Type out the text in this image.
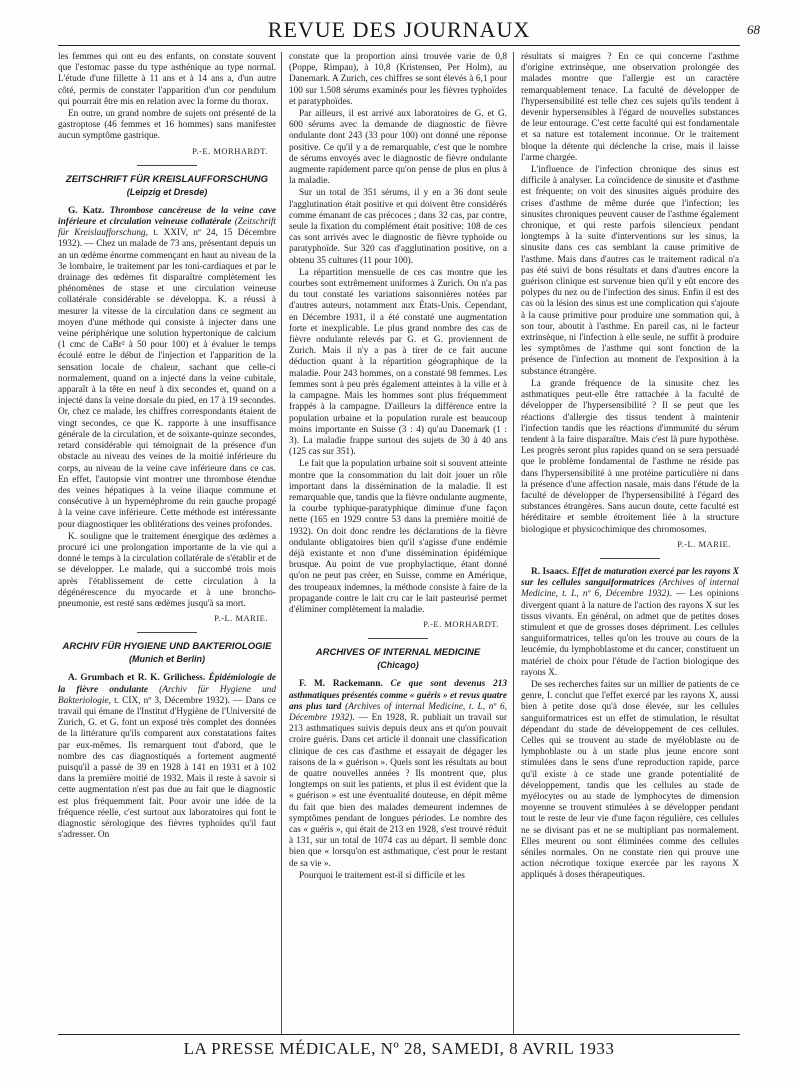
REVUE DES JOURNAUX	68

les femmes qui ont eu des enfants, on constate souvent que l'estomac passe du type asthénique au type normal. L'étude d'une fillette à 11 ans et à 14 ans a, d'un autre côté, permis de constater l'apparition d'un cor pendulum qui pourrait être mis en relation avec la forme du thorax.

En outre, un grand nombre de sujets ont présenté de la gastroptose (46 femmes et 16 hommes) sans manifester aucun symptôme gastrique.

P.-E. MORHARDT.
ZEITSCHRIFT FÜR KREISLAUFFORSCHUNG
(Leipzig et Dresde)

G. Katz. Thrombose cancéreuse de la veine cave inférieure et circulation veineuse collatérale (Zeitschrift für Kreislaufforschung, t. XXIV, nº 24, 15 Décembre 1932). — Chez un malade de 73 ans, présentant depuis un an un œdème énorme commençant en haut au niveau de la 3e lombaire, le traitement par les toni-cardiaques et par le drainage des œdèmes fit disparaître complètement les phénomènes de stase et une circulation veineuse collatérale considérable se développa. K. a réussi à mesurer la vitesse de la circulation dans ce segment au moyen d'une méthode qui consiste à injecter dans une veine périphérique une solution hypertonique de calcium (1 cmc de CaBr² à 50 pour 100) et à évaluer le temps écoulé entre le début de l'injection et l'apparition de la sensation locale de chaleur, sachant que celle-ci normalement, quand on a injecté dans la veine cubitale, apparaît à la tête en neuf à dix secondes et, quand on a injecté dans la veine dorsale du pied, en 17 à 19 secondes. Or, chez ce malade, les chiffres correspondants étaient de vingt secondes, ce que K. rapporte à une insuffisance générale de la circulation, et de soixante-quinze secondes, retard considérable qui témoignait de la présence d'un obstacle au niveau des veines de la moitié inférieure du corps, au niveau de la veine cave inférieure dans ce cas. En effet, l'autopsie vint montrer une thrombose étendue des veines hépatiques à la veine iliaque commune et consécutive à un hypernéphrome du rein gauche propagé à la veine cave inférieure. Cette méthode est intéressante pour diagnostiquer les oblitérations des veines profondes.

K. souligne que le traitement énergique des œdèmes a procuré ici une prolongation importante de la vie qui a donné le temps à la circulation collatérale de s'établir et de se développer. Le malade, qui a succombé trois mois après l'établissement de cette circulation à la dégénérescence du myocarde et à une broncho-pneumonie, est resté sans œdèmes jusqu'à sa mort.

P.-L. MARIE.
ARCHIV FÜR HYGIENE UND BAKTERIOLOGIE
(Munich et Berlin)

A. Grumbach et R. K. Grilichess. Épidémiologie de la fièvre ondulante (Archiv für Hygiene und Bakteriologie, t. CIX, nº 3, Décembre 1932). — Dans ce travail qui émane de l'Institut d'Hygiène de l'Université de Zurich, G. et G. font un exposé très complet des données de la littérature qu'ils comparent aux constatations faites par eux-mêmes. Ils remarquent tout d'abord, que le nombre des cas diagnostiqués a fortement augmenté puisqu'il a passé de 39 en 1928 à 141 en 1931 et à 102 dans la première moitié de 1932. Mais il reste à savoir si cette augmentation n'est pas due au fait que le diagnostic est plus fréquemment fait. Pour avoir une idée de la fréquence réelle, c'est surtout aux laboratoires qui font le diagnostic sérologique des fièvres typhoïdes qu'il faut s'adresser. On

constate que la proportion ainsi trouvée varie de 0,8 (Poppe, Rimpau), à 10,8 (Kristensen, Per Holm), au Danemark. A Zurich, ces chiffres se sont élevés à 6,1 pour 100 sur 1.508 sérums examinés pour les fièvres typhoïdes et paratyphoïdes.

Par ailleurs, il est arrivé aux laboratoires de G. et G. 600 sérums avec la demande de diagnostic de fièvre ondulante dont 243 (33 pour 100) ont donné une réponse positive. Ce qu'il y a de remarquable, c'est que le nombre de sérums envoyés avec le diagnostic de fièvre ondulante augmente rapidement parce qu'on pense de plus en plus à la maladie.

Sur un total de 351 sérums, il y en a 36 dont seule l'agglutination était positive et qui doivent être considérés comme émanant de cas précoces ; dans 32 cas, par contre, seule la fixation du complément était positive: 108 de ces cas sont arrivés avec le diagnostic de fièvre typhoïde ou paratyphoïde. Sur 320 cas d'agglutination positive, on a obtenu 35 cultures (11 pour 100).

La répartition mensuelle de ces cas montre que les courbes sont extrêmement uniformes à Zurich. On n'a pas du tout constaté les variations saisonnières notées par d'autres auteurs, notamment aux États-Unis. Cependant, en Décembre 1931, il a été constaté une augmentation forte et inexplicable. Le plus grand nombre des cas de fièvre ondulante relevés par G. et G. proviennent de Zurich. Mais il n'y a pas à tirer de ce fait aucune déduction quant à la répartition géographique de la maladie. Pour 243 hommes, on a constaté 98 femmes. Les femmes sont à peu près également atteintes à la ville et à la campagne. Mais les hommes sont plus fréquemment frappés à la campagne. D'ailleurs la différence entre la population urbaine et la population rurale est beaucoup moins importante en Suisse (3 : 4) qu'au Danemark (1 : 3). La maladie frappe surtout des sujets de 30 à 40 ans (125 cas sur 351).

Le fait que la population urbaine soit si souvent atteinte montre que la consommation du lait doit jouer un rôle important dans la dissémination de la maladie. Il est remarquable que, tandis que la fièvre ondulante augmente, la courbe typhique-paratyphique diminue d'une façon nette (165 en 1929 contre 53 dans la première moitié de 1932). On doit donc rendre les déclarations de la fièvre ondulante obligatoires bien qu'il s'agisse d'une endémie déjà existante et non d'une dissémination épidémique brusque. Au point de vue prophylactique, étant donné qu'on ne peut pas créer, en Suisse, comme en Amérique, des troupeaux indemnes, la méthode consiste à faire de la propagande contre le lait cru car le lait pasteurisé permet d'éliminer complètement la maladie.

P.-E. MORHARDT.
ARCHIVES OF INTERNAL MEDICINE
(Chicago)

F. M. Rackemann. Ce que sont devenus 213 asthmatiques présentés comme « guéris » et revus quatre ans plus tard (Archives of internal Medicine, t. L, nº 6, Décembre 1932). — En 1928, R. publiait un travail sur 213 asthmatiques suivis depuis deux ans et qu'on pouvait croire guéris. Dans cet article il donnait une classification clinique de ces cas d'asthme et essayait de dégager les raisons de la « guérison ». Quels sont les résultats au bout de quatre nouvelles années ? Ils montrent que, plus longtemps on suit les patients, et plus il est évident que la « guérison » est une éventualité douteuse, en dépit même du fait que bien des malades demeurent indemnes de symptômes pendant de longues périodes. Le nombre des cas « guéris », qui était de 213 en 1928, s'est trouvé réduit à 131, sur un total de 1074 cas au départ. Il semble donc bien que « lorsqu'on est asthmatique, c'est pour le restant de sa vie ».

Pourquoi le traitement est-il si difficile et les

résultats si maigres ? En ce qui concerne l'asthme d'origine extrinsèque, une observation prolongée des malades montre que l'allergie est un caractère remarquablement tenace. La faculté de développer de l'hypersensibilité est telle chez ces sujets qu'ils tendent à devenir hypersensibles à l'égard de nouvelles substances de leur entourage. C'est cette faculté qui est fondamentale et sa nature est totalement inconnue. Or le traitement bloque la détente qui déclenche la crise, mais il laisse l'arme chargée.

L'influence de l'infection chronique des sinus est difficile à analyser. La coïncidence de sinusite et d'asthme est fréquente; on voit des sinusites aiguës produire des crises d'asthme de même durée que l'infection; les sinusites chroniques peuvent causer de l'asthme également chronique, et qui reste parfois silencieux pendant longtemps à la suite d'interventions sur les sinus, la sinusite dans ces cas semblant la cause primitive de l'asthme. Mais dans d'autres cas le traitement radical n'a pas été suivi de bons résultats et dans d'autres encore la guérison clinique est survenue bien qu'il y eût encore des polypes du nez ou de l'infection des sinus. Enfin il est des cas où la lésion des sinus est une complication qui s'ajoute à la cause primitive pour produire une sommation qui, à son tour, aboutit à l'asthme. En pareil cas, ni le facteur extrinsèque, ni l'infection à elle seule, ne suffit à produire les symptômes de l'asthme qui sont fonction de la présence de l'infection au moment de l'exposition à la substance étrangère.

La grande fréquence de la sinusite chez les asthmatiques peut-elle être rattachée à la faculté de développer de l'hypersensibilité ? Il se peut que les réactions d'allergie des tissus tendent à maintenir l'infection tandis que les réactions d'immunité du sérum tendent à la faire disparaître. Mais c'est là pure hypothèse. Les progrès seront plus rapides quand on se sera persuadé que le problème fondamental de l'asthme ne réside pas dans l'hypersensibilité à une protéine particulière ni dans la présence d'une affection nasale, mais dans l'étude de la faculté de développer de l'hypersensibilité à l'égard des substances étrangères. Sans aucun doute, cette faculté est héréditaire et semble étroitement liée à la structure biologique et physicochimique des chromosomes.

P.-L. MARIE.

R. Isaacs. Effet de maturation exercé par les rayons X sur les cellules sanguiformatrices (Archives of internal Medicine, t. L, nº 6, Décembre 1932). — Les opinions divergent quant à la nature de l'action des rayons X sur les tissus vivants. En général, on admet que de petites doses stimulent et que de grosses doses dépriment. Les cellules sanguiformatrices, telles qu'on les trouve au cours de la leucémie, du lymphoblastome et du cancer, constituent un matériel de choix pour l'étude de l'action biologique des rayons X.

De ses recherches faites sur un millier de patients de ce genre, I. conclut que l'effet exercé par les rayons X, aussi bien à petite dose qu'à dose élevée, sur les cellules sanguiformatrices est un effet de stimulation, le résultat dépendant du stade de développement de ces cellules. Celles qui se trouvent au stade de myéloblaste ou de lymphoblaste ou à un stade plus jeune encore sont stimulées dans le sens d'une reproduction rapide, parce qu'il existe à ce stade une grande potentialité de développement, tandis que les cellules au stade de myélocytes ou au stade de lymphocytes de dimension moyenne se trouvent stimulées à se développer pendant tout le reste de leur vie d'une façon régulière, ces cellules ne se divisant pas et ne se multipliant pas normalement. Elles meurent ou sont éliminées comme des cellules séniles normales. On ne constate rien qui prouve une action nécrotique toxique exercée par les rayons X appliqués à doses thérapeutiques.

LA PRESSE MÉDICALE, Nº 28, SAMEDI, 8 AVRIL 1933
